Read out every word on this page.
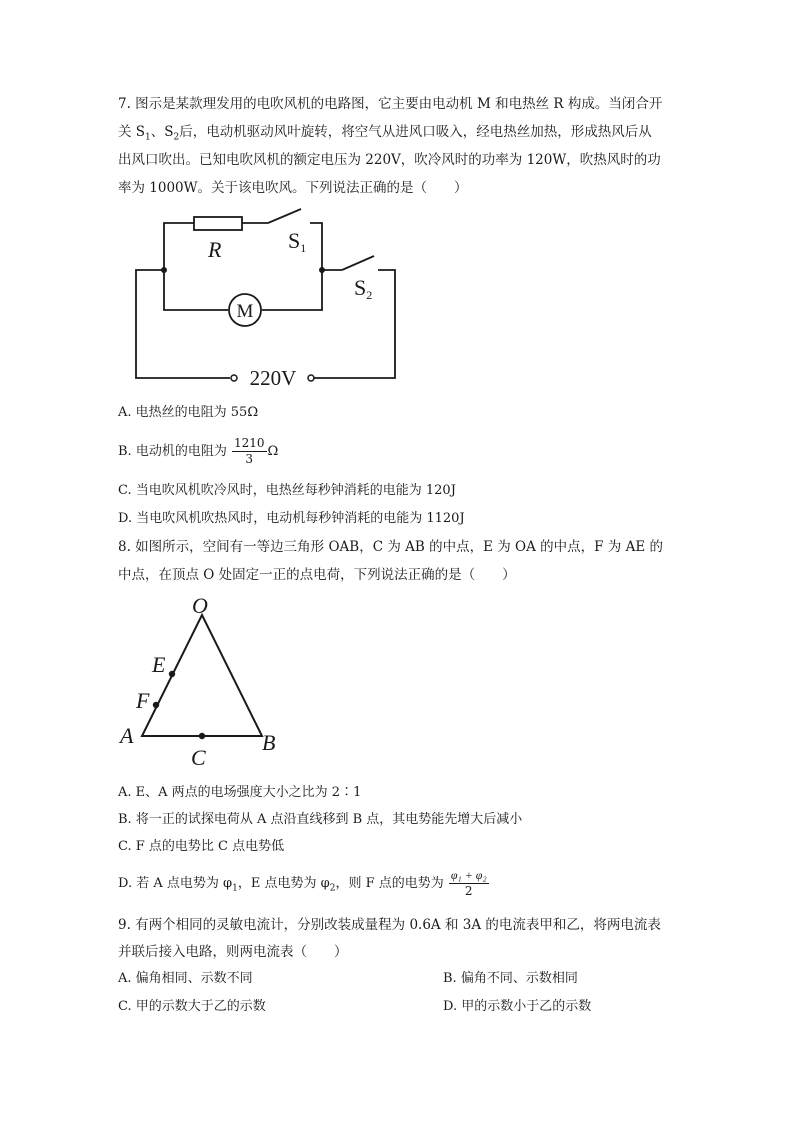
7. 图示是某款理发用的电吹风机的电路图，它主要由电动机 M 和电热丝 R 构成。当闭合开
关 $S_1$、$S_2$后，电动机驱动风叶旋转，将空气从进风口吸入，经电热丝加热，形成热风后从
出风口吹出。已知电吹风机的额定电压为 220V，吹冷风时的功率为 120W，吹热风时的功
率为 1000W。关于该电吹风。下列说法正确的是（　　）
R	S1
S2
M
220V
A. 电热丝的电阻为 55Ω
B. 电动机的电阻为 $\frac{1210}{3}$ Ω
C. 当电吹风机吹冷风时，电热丝每秒钟消耗的电能为 120J
D. 当电吹风机吹热风时，电动机每秒钟消耗的电能为 1120J
8. 如图所示，空间有一等边三角形 OAB，C 为 AB 的中点，E 为 OA 的中点，F 为 AE 的
中点，在顶点 O 处固定一正的点电荷，下列说法正确的是（　　）
O
E
F
A	B
C
A. E、A 两点的电场强度大小之比为 2∶1
B. 将一正的试探电荷从 A 点沿直线移到 B 点，其电势能先增大后减小
C. F 点的电势比 C 点电势低
D. 若 A 点电势为 $\varphi_1$，E 点电势为 $\varphi_2$，则 F 点的电势为 $\frac{\text{φ₁ + φ₂}}{2}$
9. 有两个相同的灵敏电流计，分别改装成量程为 0.6A 和 3A 的电流表甲和乙，将两电流表
并联后接入电路，则两电流表（　　）
A. 偏角相同、示数不同	B. 偏角不同、示数相同
C. 甲的示数大于乙的示数	D. 甲的示数小于乙的示数
